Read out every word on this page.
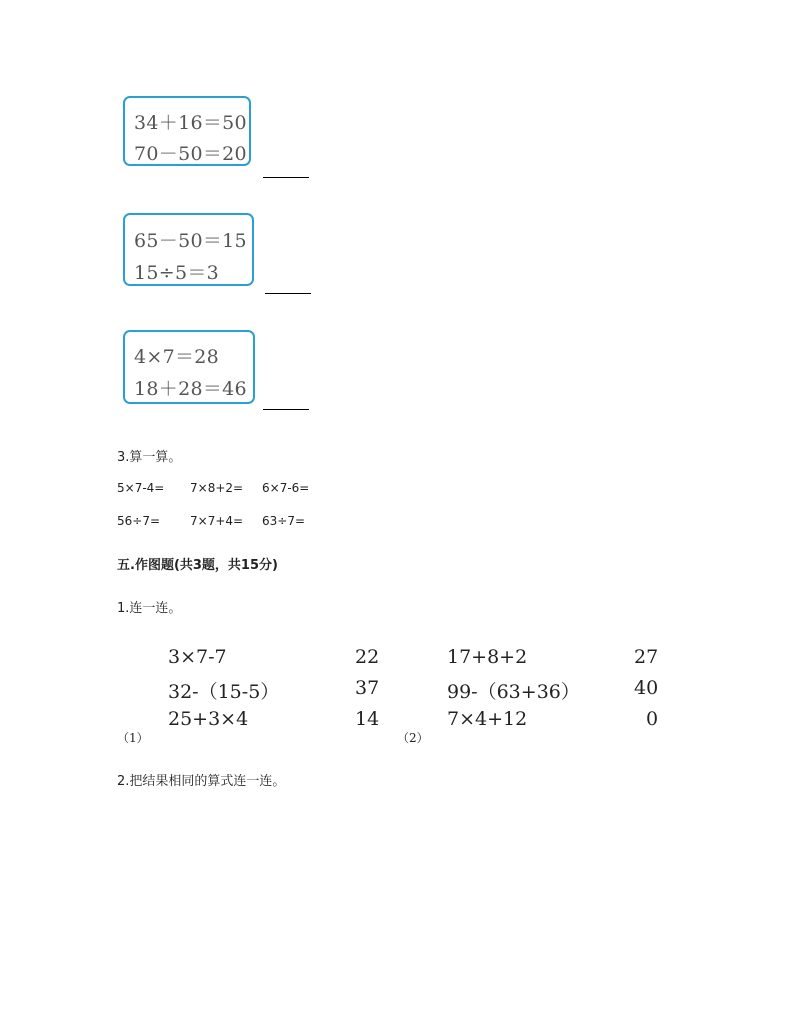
34＋16＝50
70－50＝20
65－50＝15
15÷5＝3
4×7＝28
18＋28＝46
3.算一算。
5×7-4= 7×8+2= 6×7-6=
56÷7= 7×7+4= 63÷7=
五.作图题(共3题，共15分)
1.连一连。
3×7-7
32-（15-5）
25+3×4
22
37
14
（1）
17+8+2
99-（63+36）
7×4+12
27
40
0
（2）
2.把结果相同的算式连一连。
